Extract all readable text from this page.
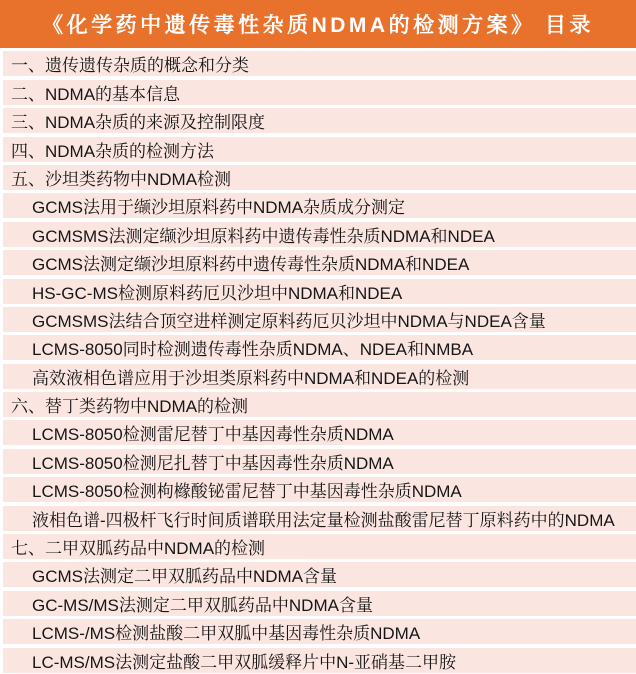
《化学药中遗传毒性杂质NDMA的检测方案》 目录
一、遗传遗传杂质的概念和分类
二、NDMA的基本信息
三、NDMA杂质的来源及控制限度
四、NDMA杂质的检测方法
五、沙坦类药物中NDMA检测
GCMS法用于缬沙坦原料药中NDMA杂质成分测定
GCMSMS法测定缬沙坦原料药中遗传毒性杂质NDMA和NDEA
GCMS法测定缬沙坦原料药中遗传毒性杂质NDMA和NDEA
HS-GC-MS检测原料药厄贝沙坦中NDMA和NDEA
GCMSMS法结合顶空进样测定原料药厄贝沙坦中NDMA与NDEA含量
LCMS-8050同时检测遗传毒性杂质NDMA、NDEA和NMBA
高效液相色谱应用于沙坦类原料药中NDMA和NDEA的检测
六、替丁类药物中NDMA的检测
LCMS-8050检测雷尼替丁中基因毒性杂质NDMA
LCMS-8050检测尼扎替丁中基因毒性杂质NDMA
LCMS-8050检测枸橼酸铋雷尼替丁中基因毒性杂质NDMA
液相色谱-四极杆飞行时间质谱联用法定量检测盐酸雷尼替丁原料药中的NDMA
七、二甲双胍药品中NDMA的检测
GCMS法测定二甲双胍药品中NDMA含量
GC-MS/MS法测定二甲双胍药品中NDMA含量
LCMS-/MS检测盐酸二甲双胍中基因毒性杂质NDMA
LC-MS/MS法测定盐酸二甲双胍缓释片中N-亚硝基二甲胺
